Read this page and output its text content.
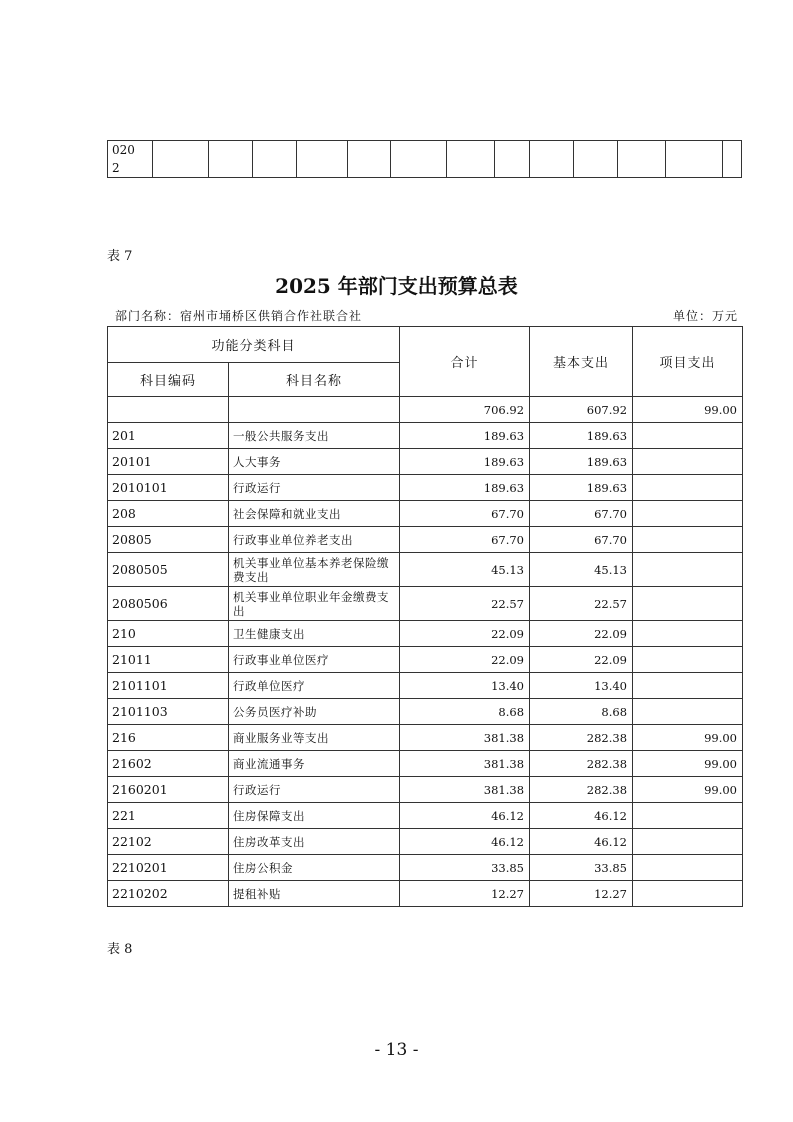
020
2

表 7
2025 年部门支出预算总表
部门名称：宿州市埇桥区供销合作社联合社	单位：万元
功能分类科目		合计	基本支出	项目支出
科目编码	科目名称			
		706.92	607.92	99.00
201	一般公共服务支出	189.63	189.63	
20101	人大事务	189.63	189.63	
2010101	行政运行	189.63	189.63	
208	社会保障和就业支出	67.70	67.70	
20805	行政事业单位养老支出	67.70	67.70	
2080505	机关事业单位基本养老保险缴费支出	45.13	45.13	
2080506	机关事业单位职业年金缴费支出	22.57	22.57	
210	卫生健康支出	22.09	22.09	
21011	行政事业单位医疗	22.09	22.09	
2101101	行政单位医疗	13.40	13.40	
2101103	公务员医疗补助	8.68	8.68	
216	商业服务业等支出	381.38	282.38	99.00
21602	商业流通事务	381.38	282.38	99.00
2160201	行政运行	381.38	282.38	99.00
221	住房保障支出	46.12	46.12	
22102	住房改革支出	46.12	46.12	
2210201	住房公积金	33.85	33.85	
2210202	提租补贴	12.27	12.27	
表 8
- 13 -
